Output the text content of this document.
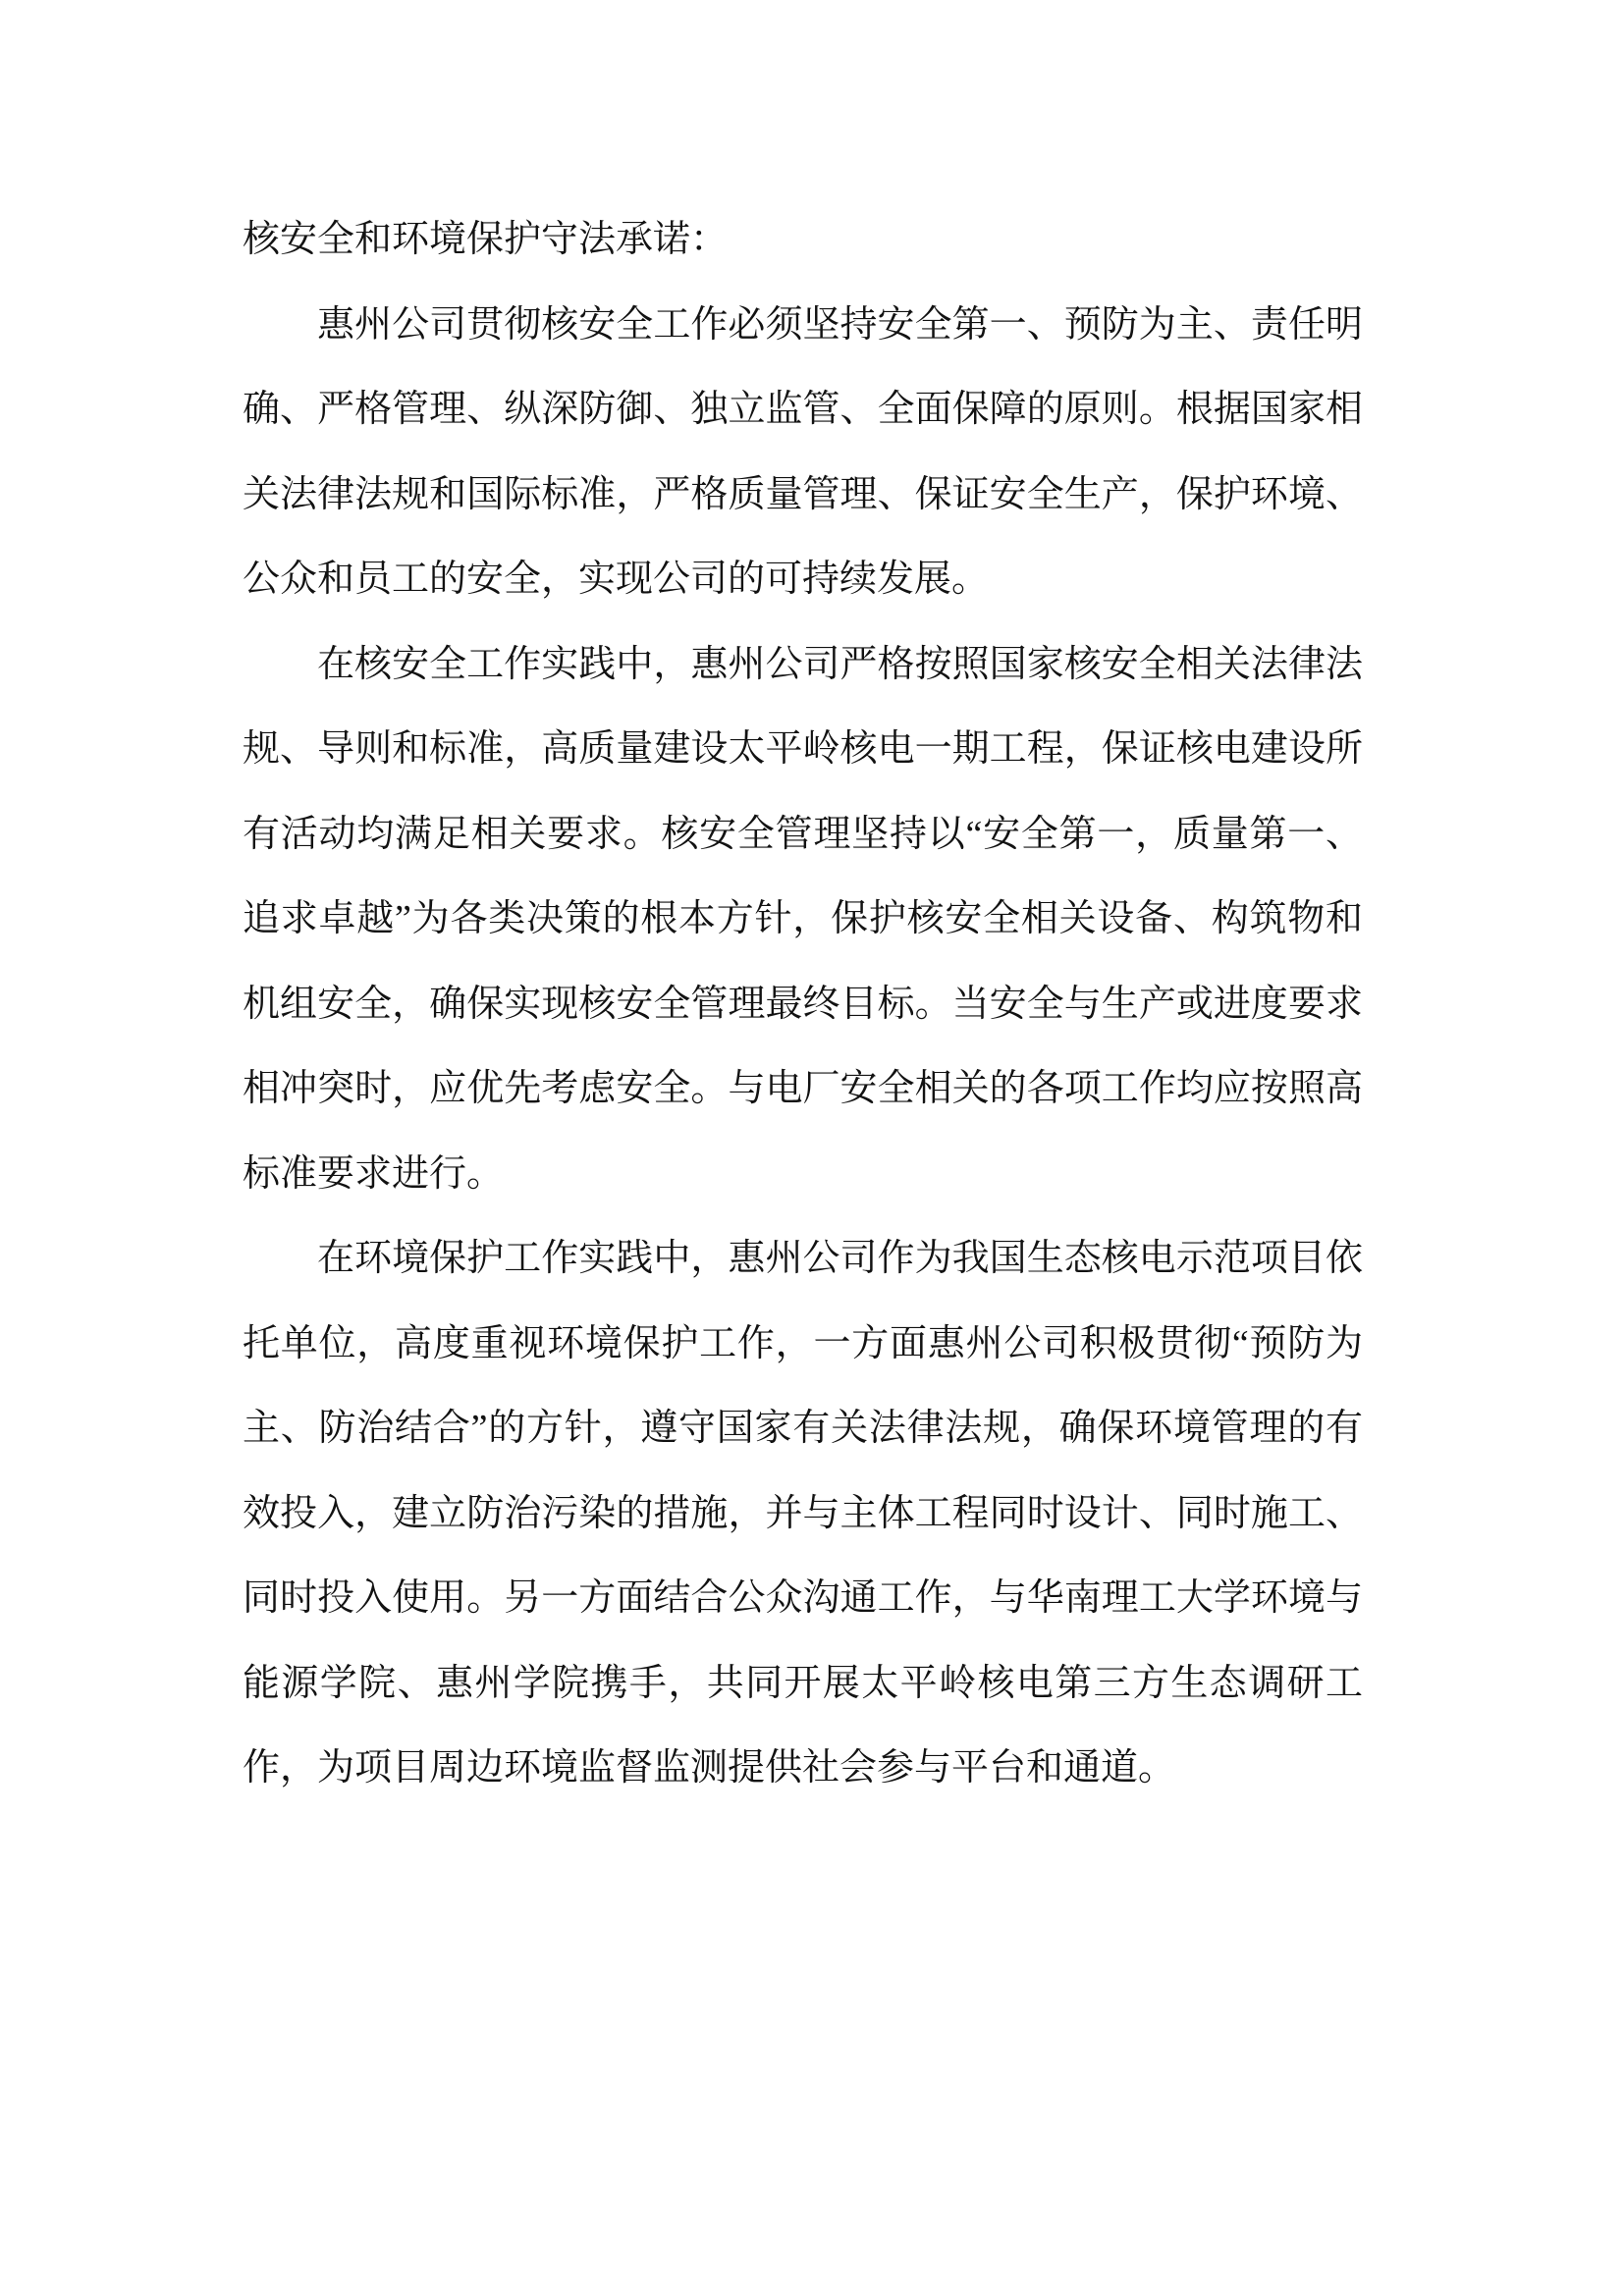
核安全和环境保护守法承诺：

惠州公司贯彻核安全工作必须坚持安全第一、预防为主、责任明确、严格管理、纵深防御、独立监管、全面保障的原则。根据国家相关法律法规和国际标准，严格质量管理、保证安全生产，保护环境、公众和员工的安全，实现公司的可持续发展。

在核安全工作实践中，惠州公司严格按照国家核安全相关法律法规、导则和标准，高质量建设太平岭核电一期工程，保证核电建设所有活动均满足相关要求。核安全管理坚持以“安全第一，质量第一、追求卓越”为各类决策的根本方针，保护核安全相关设备、构筑物和机组安全，确保实现核安全管理最终目标。当安全与生产或进度要求相冲突时，应优先考虑安全。与电厂安全相关的各项工作均应按照高标准要求进行。

在环境保护工作实践中，惠州公司作为我国生态核电示范项目依托单位，高度重视环境保护工作，一方面惠州公司积极贯彻“预防为主、防治结合”的方针，遵守国家有关法律法规，确保环境管理的有效投入，建立防治污染的措施，并与主体工程同时设计、同时施工、同时投入使用。另一方面结合公众沟通工作，与华南理工大学环境与能源学院、惠州学院携手，共同开展太平岭核电第三方生态调研工作，为项目周边环境监督监测提供社会参与平台和通道。
